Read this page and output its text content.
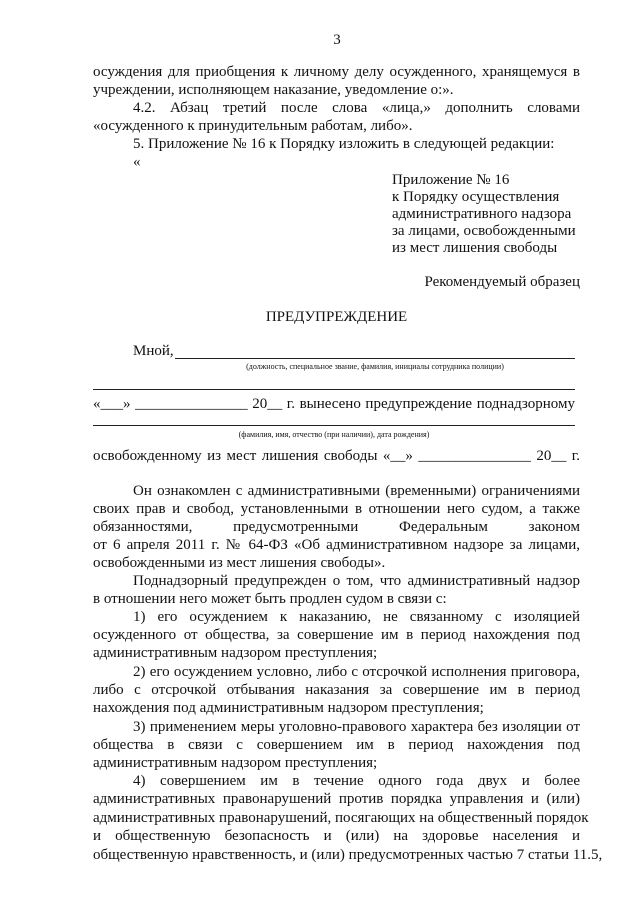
3
осуждения для приобщения к личному делу осужденного, хранящемуся в
учреждении, исполняющем наказание, уведомление о:».
4.2. Абзац третий после слова «лица,» дополнить словами
«осужденного к принудительным работам, либо».
5. Приложение № 16 к Порядку изложить в следующей редакции:
«
Приложение № 16
к Порядку осуществления
административного надзора
за лицами, освобожденными
из мест лишения свободы
Рекомендуемый образец
ПРЕДУПРЕЖДЕНИЕ
Мной,
(должность, специальное звание, фамилия, инициалы сотрудника полиции)
«___» _______________ 20__ г. вынесено предупреждение поднадзорному
(фамилия, имя, отчество (при наличии), дата рождения)
освобожденному из мест лишения свободы «__» _______________ 20__ г.
Он ознакомлен с административными (временными) ограничениями
своих прав и свобод, установленными в отношении него судом, а также
обязанностями, предусмотренными Федеральным законом
от 6 апреля 2011 г. № 64-ФЗ «Об административном надзоре за лицами,
освобожденными из мест лишения свободы».
Поднадзорный предупрежден о том, что административный надзор
в отношении него может быть продлен судом в связи с:
1) его осуждением к наказанию, не связанному с изоляцией
осужденного от общества, за совершение им в период нахождения под
административным надзором преступления;
2) его осуждением условно, либо с отсрочкой исполнения приговора,
либо с отсрочкой отбывания наказания за совершение им в период
нахождения под административным надзором преступления;
3) применением меры уголовно-правового характера без изоляции от
общества в связи с совершением им в период нахождения под
административным надзором преступления;
4) совершением им в течение одного года двух и более
административных правонарушений против порядка управления и (или)
административных правонарушений, посягающих на общественный порядок
и общественную безопасность и (или) на здоровье населения и
общественную нравственность, и (или) предусмотренных частью 7 статьи 11.5,
